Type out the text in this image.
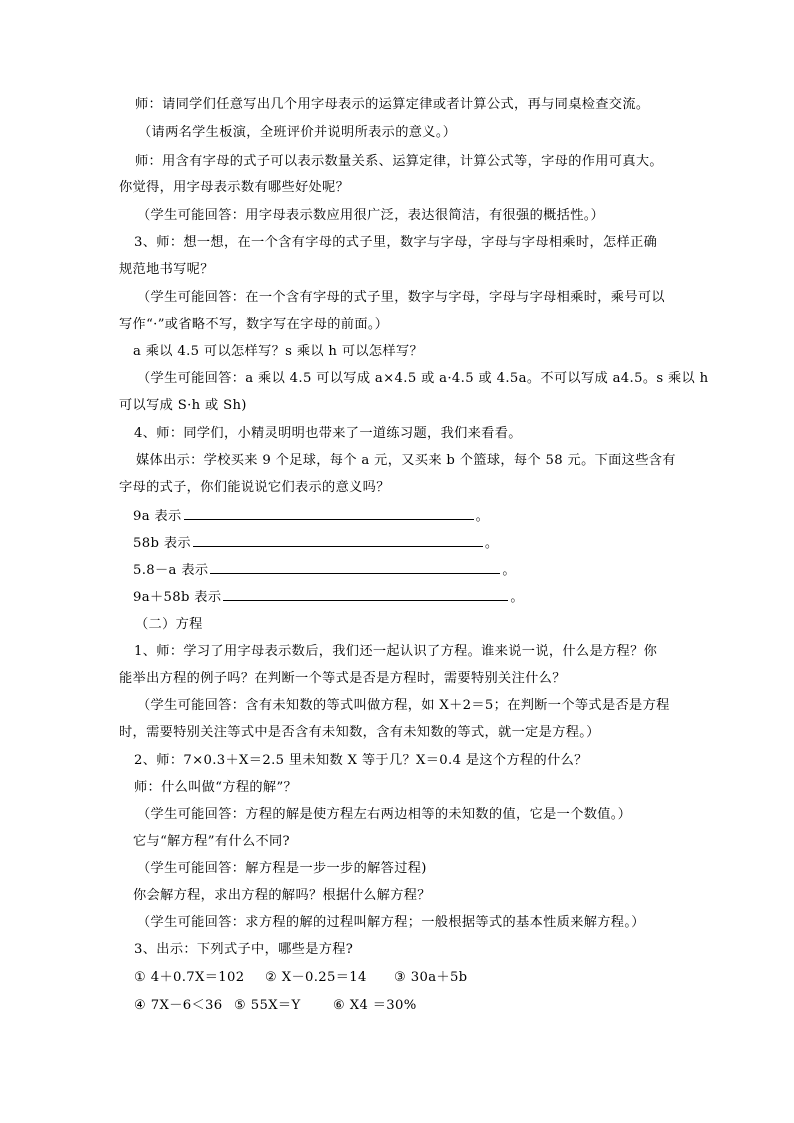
师：请同学们任意写出几个用字母表示的运算定律或者计算公式，再与同桌检查交流。
（请两名学生板演，全班评价并说明所表示的意义。）
师：用含有字母的式子可以表示数量关系、运算定律，计算公式等，字母的作用可真大。
你觉得，用字母表示数有哪些好处呢？
（学生可能回答：用字母表示数应用很广泛，表达很简洁，有很强的概括性。）
3、师：想一想，在一个含有字母的式子里，数字与字母，字母与字母相乘时，怎样正确
规范地书写呢？
（学生可能回答：在一个含有字母的式子里，数字与字母，字母与字母相乘时，乘号可以
写作“·”或省略不写，数字写在字母的前面。）
a 乘以 4.5 可以怎样写？s 乘以 h 可以怎样写？
（学生可能回答：a 乘以 4.5 可以写成 a×4.5 或 a·4.5 或 4.5a。不可以写成 a4.5。s 乘以 h
可以写成 S·h 或 Sh)
4、师：同学们，小精灵明明也带来了一道练习题，我们来看看。
媒体出示：学校买来 9 个足球，每个 a 元，又买来 b 个篮球，每个 58 元。下面这些含有
字母的式子，你们能说说它们表示的意义吗？
9a 表示	。
58b 表示	。
5.8－a 表示	。
9a＋58b 表示	。
（二）方程
1、师：学习了用字母表示数后，我们还一起认识了方程。谁来说一说，什么是方程？你
能举出方程的例子吗？在判断一个等式是否是方程时，需要特别关注什么？
（学生可能回答：含有未知数的等式叫做方程，如 X＋2＝5；在判断一个等式是否是方程
时，需要特别关注等式中是否含有未知数，含有未知数的等式，就一定是方程。）
2、师：7×0.3＋X＝2.5 里未知数 X 等于几？X＝0.4 是这个方程的什么？
师：什么叫做“方程的解”？
（学生可能回答：方程的解是使方程左右两边相等的未知数的值，它是一个数值。）
它与“解方程”有什么不同?
（学生可能回答：解方程是一步一步的解答过程)
你会解方程，求出方程的解吗？根据什么解方程？
（学生可能回答：求方程的解的过程叫解方程；一般根据等式的基本性质来解方程。）
3、出示：下列式子中，哪些是方程?
① 4＋0.7X＝102 ② X－0.25＝14 ③ 30a＋5b
④ 7X－6＜36 ⑤ 55X＝Y ⑥ X4 ＝30%
